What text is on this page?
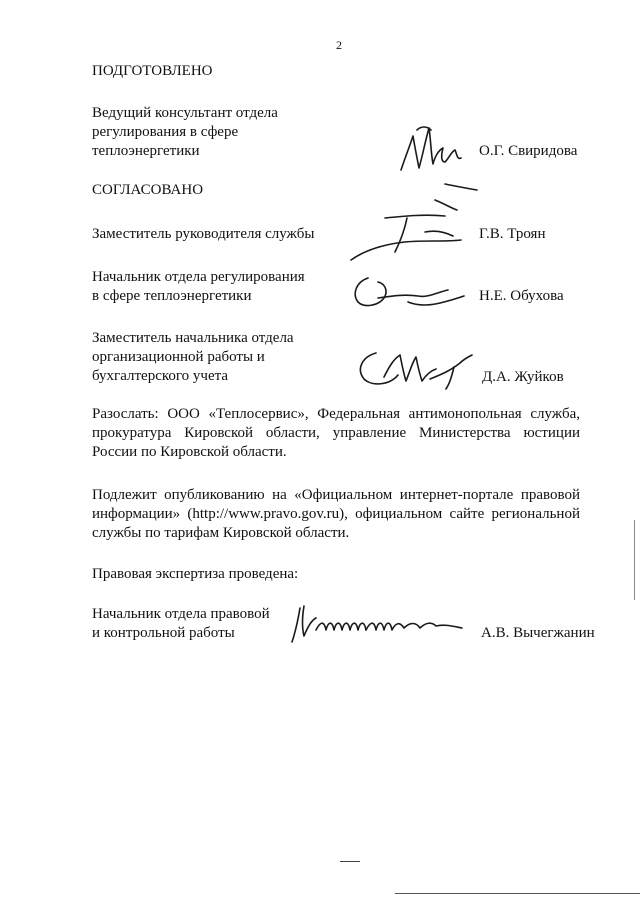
2
ПОДГОТОВЛЕНО
Ведущий консультант отдела
регулирования в сфере
теплоэнергетики	О.Г. Свиридова
СОГЛАСОВАНО
Заместитель руководителя службы	Г.В. Троян
Начальник отдела регулирования
в сфере теплоэнергетики	Н.Е. Обухова
Заместитель начальника отдела
организационной работы и
бухгалтерского учета	Д.А. Жуйков

Разослать: ООО «Теплосервис», Федеральная антимонопольная служба, прокуратура Кировской области, управление Министерства юстиции России по Кировской области.

Подлежит опубликованию на «Официальном интернет-портале правовой информации» (http://www.pravo.gov.ru), официальном сайте региональной службы по тарифам Кировской области.

Правовая экспертиза проведена:
Начальник отдела правовой
и контрольной работы	А.В. Вычегжанин
